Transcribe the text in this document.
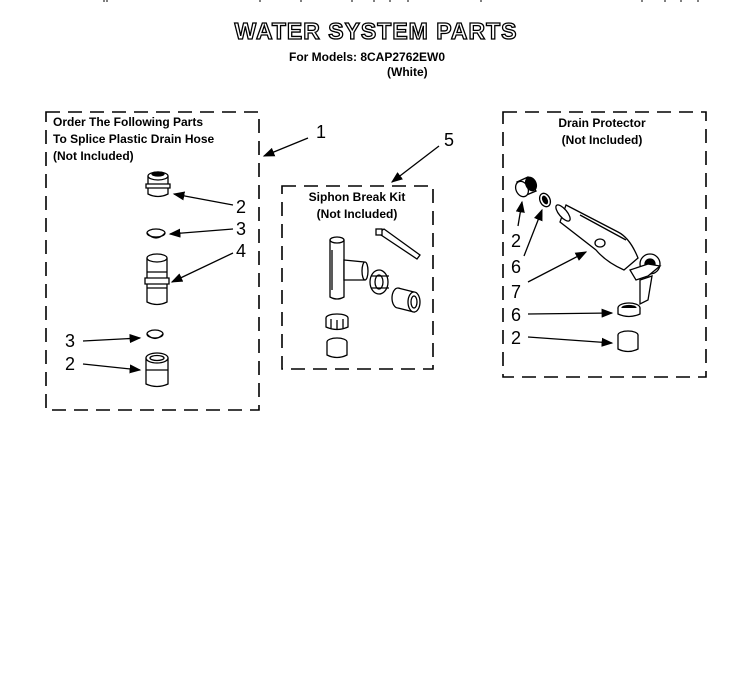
WATER SYSTEM PARTS
For Models: 8CAP2762EW0
(White)
Order The Following Parts
To Splice Plastic Drain Hose
(Not Included)
Siphon Break Kit
(Not Included)
Drain Protector
(Not Included)
1
2
3
4
3
2
5
2
6
7
6
2
